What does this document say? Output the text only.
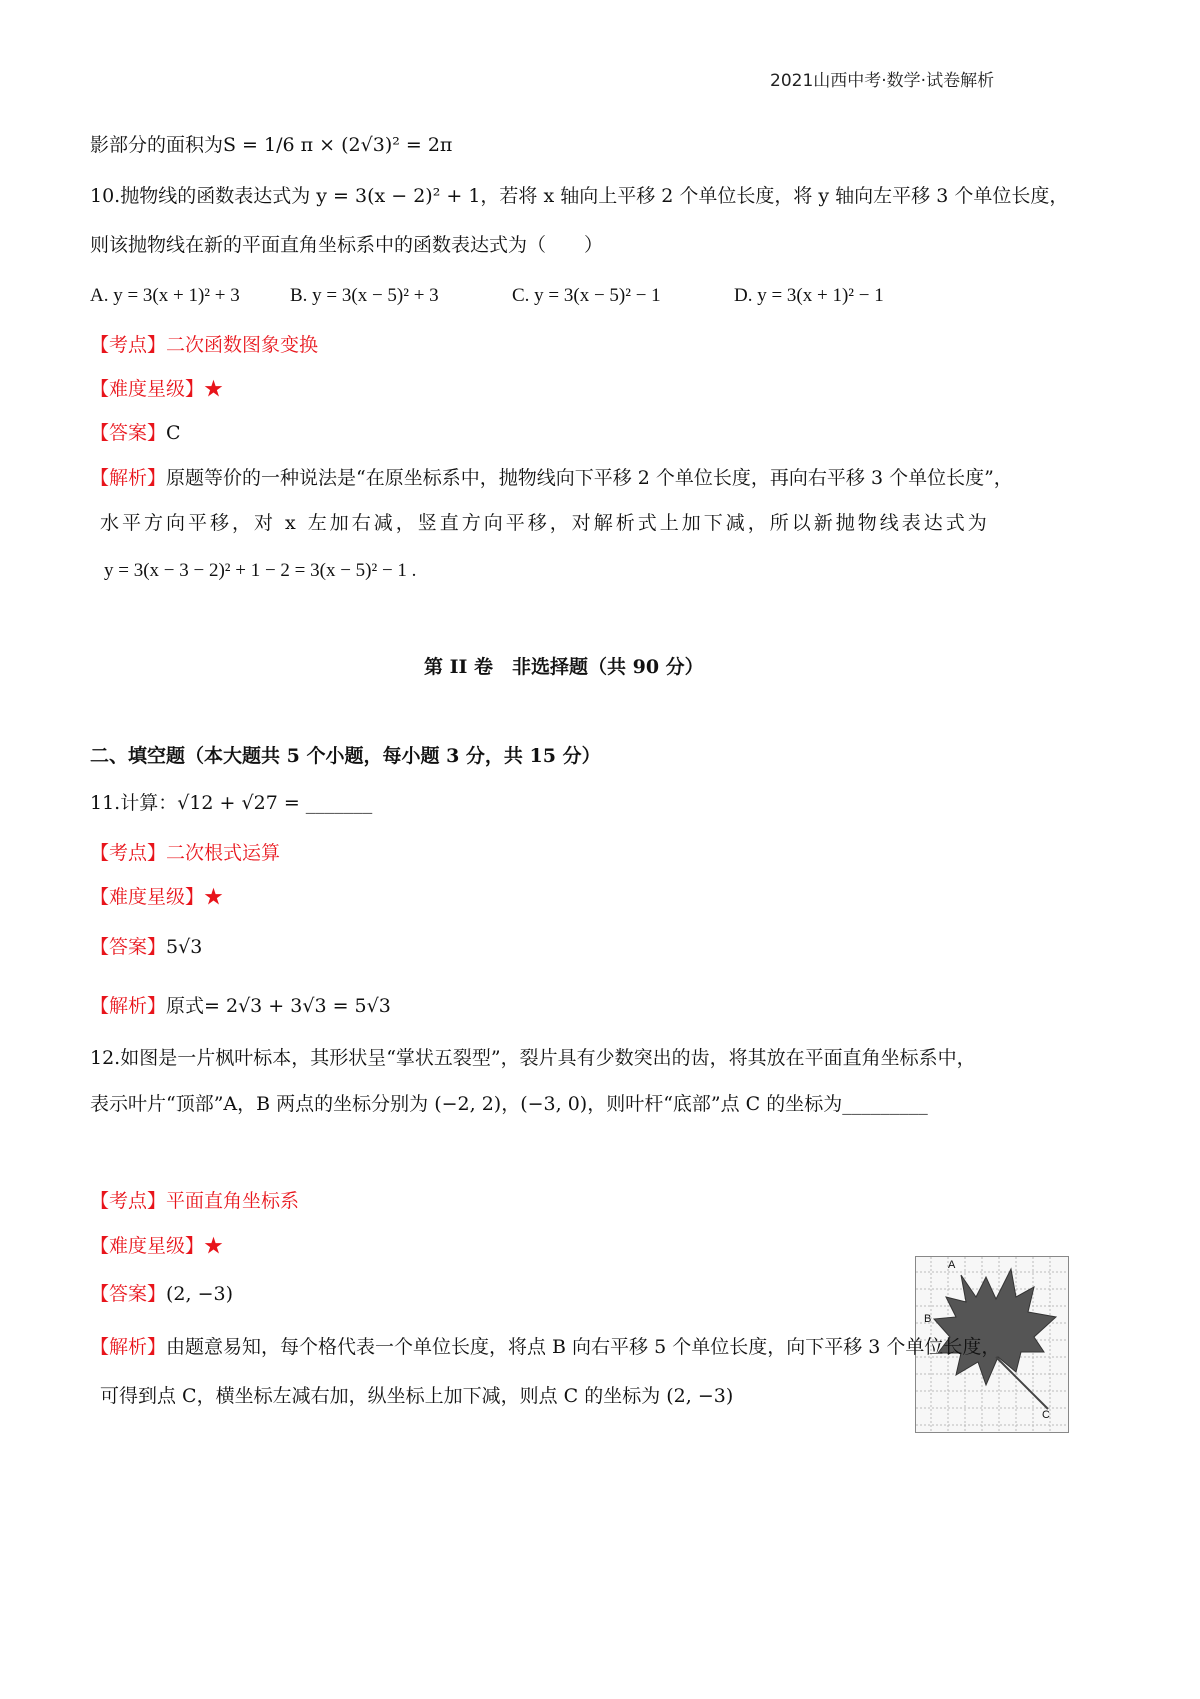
2021山西中考·数学·试卷解析
影部分的面积为S = 1/6 π × (2√3)² = 2π
10.抛物线的函数表达式为 y = 3(x − 2)² + 1，若将 x 轴向上平移 2 个单位长度，将 y 轴向左平移 3 个单位长度，
则该抛物线在新的平面直角坐标系中的函数表达式为（　　）
A. y = 3(x + 1)² + 3	B. y = 3(x − 5)² + 3	C. y = 3(x − 5)² − 1	D. y = 3(x + 1)² − 1
【考点】二次函数图象变换
【难度星级】★
【答案】C
【解析】原题等价的一种说法是“在原坐标系中，抛物线向下平移 2 个单位长度，再向右平移 3 个单位长度”，
水平方向平移，对 x 左加右减，竖直方向平移，对解析式上加下减，所以新抛物线表达式为
y = 3(x − 3 − 2)² + 1 − 2 = 3(x − 5)² − 1 .
第 II 卷　非选择题（共 90 分）
二、填空题（本大题共 5 个小题，每小题 3 分，共 15 分）
11.计算：√12 + √27 = _______
【考点】二次根式运算
【难度星级】★
【答案】5√3
【解析】原式= 2√3 + 3√3 = 5√3
12.如图是一片枫叶标本，其形状呈“掌状五裂型”，裂片具有少数突出的齿，将其放在平面直角坐标系中，
表示叶片“顶部”A，B 两点的坐标分别为 (−2, 2)，(−3, 0)，则叶杆“底部”点 C 的坐标为_________
A
B
C
【考点】平面直角坐标系
【难度星级】★
【答案】(2, −3)
【解析】由题意易知，每个格代表一个单位长度，将点 B 向右平移 5 个单位长度，向下平移 3 个单位长度，
可得到点 C，横坐标左减右加，纵坐标上加下减，则点 C 的坐标为 (2, −3)
